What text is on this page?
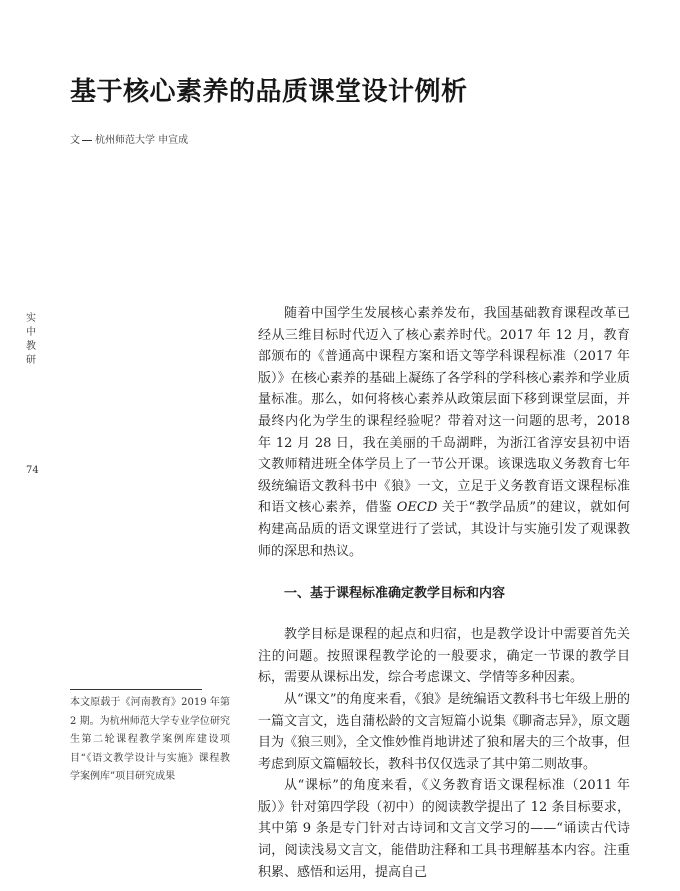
基于核心素养的品质课堂设计例析
文 杭州师范大学 申宣成
实中教研
74

随着中国学生发展核心素养发布，我国基础教育课程改革已经从三维目标时代迈入了核心素养时代。2017 年 12 月，教育部颁布的《普通高中课程方案和语文等学科课程标准（2017 年版）》在核心素养的基础上凝练了各学科的学科核心素养和学业质量标准。那么，如何将核心素养从政策层面下移到课堂层面，并最终内化为学生的课程经验呢？带着对这一问题的思考，2018 年 12 月 28 日，我在美丽的千岛湖畔，为浙江省淳安县初中语文教师精进班全体学员上了一节公开课。该课选取义务教育七年级统编语文教科书中《狼》一文，立足于义务教育语文课程标准和语文核心素养，借鉴 OECD 关于“教学品质”的建议，就如何构建高品质的语文课堂进行了尝试，其设计与实施引发了观课教师的深思和热议。

一、基于课程标准确定教学目标和内容

教学目标是课程的起点和归宿，也是教学设计中需要首先关注的问题。按照课程教学论的一般要求，确定一节课的教学目标，需要从课标出发，综合考虑课文、学情等多种因素。

从“课文”的角度来看，《狼》是统编语文教科书七年级上册的一篇文言文，选自蒲松龄的文言短篇小说集《聊斋志异》，原文题目为《狼三则》，全文惟妙惟肖地讲述了狼和屠夫的三个故事，但考虑到原文篇幅较长，教科书仅仅选录了其中第二则故事。

从“课标”的角度来看，《义务教育语文课程标准（2011 年版）》针对第四学段（初中）的阅读教学提出了 12 条目标要求，其中第 9 条是专门针对古诗词和文言文学习的——“诵读古代诗词，阅读浅易文言文，能借助注释和工具书理解基本内容。注重积累、感悟和运用，提高自己

本文原载于《河南教育》2019 年第 2 期。为杭州师范大学专业学位研究生第二轮课程教学案例库建设项目“《语文教学设计与实施》课程教学案例库”项目研究成果
